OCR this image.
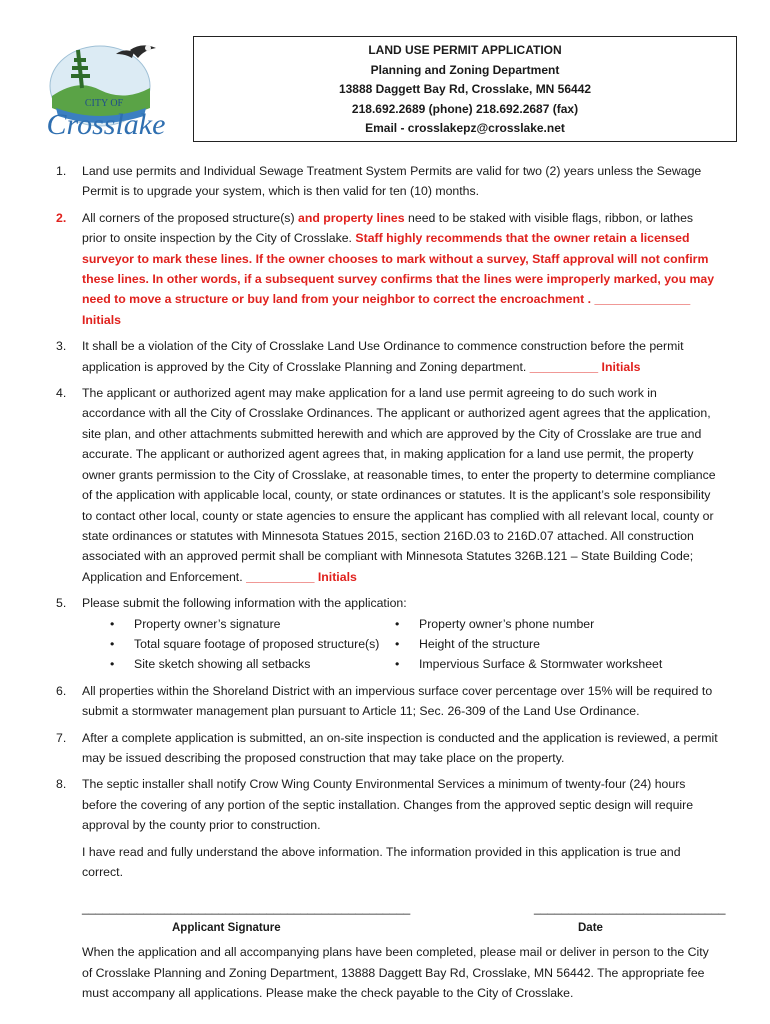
CITY OF
Crosslake
LAND USE PERMIT APPLICATION
Planning and Zoning Department
13888 Daggett Bay Rd, Crosslake, MN 56442
218.692.2689 (phone) 218.692.2687 (fax)
Email - crosslakepz@crosslake.net
1. Land use permits and Individual Sewage Treatment System Permits are valid for two (2) years unless the Sewage Permit is to upgrade your system, which is then valid for ten (10) months.
2. All corners of the proposed structure(s) and property lines need to be staked with visible flags, ribbon, or lathes prior to onsite inspection by the City of Crosslake. Staff highly recommends that the owner retain a licensed surveyor to mark these lines. If the owner chooses to mark without a survey, Staff approval will not confirm these lines. In other words, if a subsequent survey confirms that the lines were improperly marked, you may need to move a structure or buy land from your neighbor to correct the encroachment . ______________ Initials
3. It shall be a violation of the City of Crosslake Land Use Ordinance to commence construction before the permit application is approved by the City of Crosslake Planning and Zoning department. __________ Initials
4. The applicant or authorized agent may make application for a land use permit agreeing to do such work in accordance with all the City of Crosslake Ordinances. The applicant or authorized agent agrees that the application, site plan, and other attachments submitted herewith and which are approved by the City of Crosslake are true and accurate. The applicant or authorized agent agrees that, in making application for a land use permit, the property owner grants permission to the City of Crosslake, at reasonable times, to enter the property to determine compliance of the application with applicable local, county, or state ordinances or statutes. It is the applicant’s sole responsibility to contact other local, county or state agencies to ensure the applicant has complied with all relevant local, county or state ordinances or statutes with Minnesota Statues 2015, section 216D.03 to 216D.07 attached. All construction associated with an approved permit shall be compliant with Minnesota Statutes 326B.121 – State Building Code; Application and Enforcement. __________ Initials
5. Please submit the following information with the application:
• Property owner’s signature	• Property owner’s phone number
• Total square footage of proposed structure(s)	• Height of the structure
• Site sketch showing all setbacks	• Impervious Surface & Stormwater worksheet
6. All properties within the Shoreland District with an impervious surface cover percentage over 15% will be required to submit a stormwater management plan pursuant to Article 11; Sec. 26-309 of the Land Use Ordinance.
7. After a complete application is submitted, an on-site inspection is conducted and the application is reviewed, a permit may be issued describing the proposed construction that may take place on the property.
8. The septic installer shall notify Crow Wing County Environmental Services a minimum of twenty-four (24) hours before the covering of any portion of the septic installation. Changes from the approved septic design will require approval by the county prior to construction.
I have read and fully understand the above information. The information provided in this application is true and correct.
________________________________________________
Applicant Signature
____________________________
Date
When the application and all accompanying plans have been completed, please mail or deliver in person to the City of Crosslake Planning and Zoning Department, 13888 Daggett Bay Rd, Crosslake, MN 56442. The appropriate fee must accompany all applications. Please make the check payable to the City of Crosslake.
